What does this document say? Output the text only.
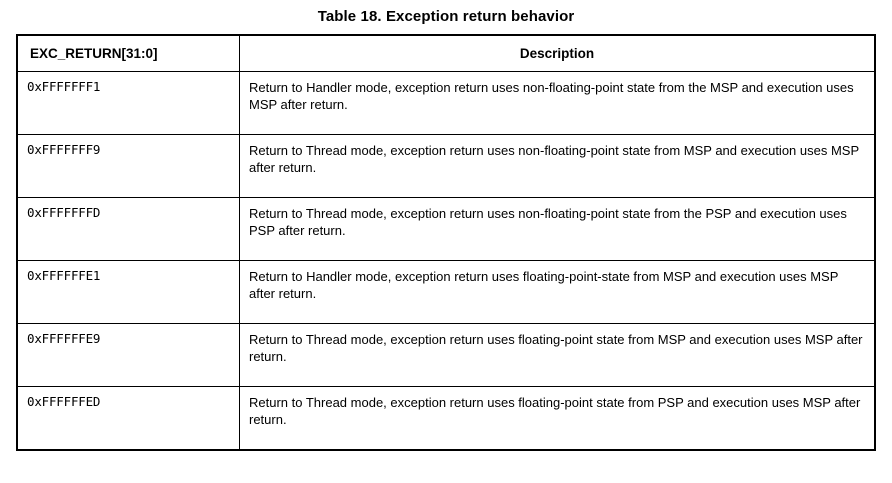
Table 18. Exception return behavior
EXC_RETURN[31:0]	Description
0xFFFFFFF1	Return to Handler mode, exception return uses non-floating-point state from the MSP and execution uses MSP after return.
0xFFFFFFF9	Return to Thread mode, exception return uses non-floating-point state from MSP and execution uses MSP after return.
0xFFFFFFFD	Return to Thread mode, exception return uses non-floating-point state from the PSP and execution uses PSP after return.
0xFFFFFFE1	Return to Handler mode, exception return uses floating-point-state from MSP and execution uses MSP after return.
0xFFFFFFE9	Return to Thread mode, exception return uses floating-point state from MSP and execution uses MSP after return.
0xFFFFFFED	Return to Thread mode, exception return uses floating-point state from PSP and execution uses MSP after return.
